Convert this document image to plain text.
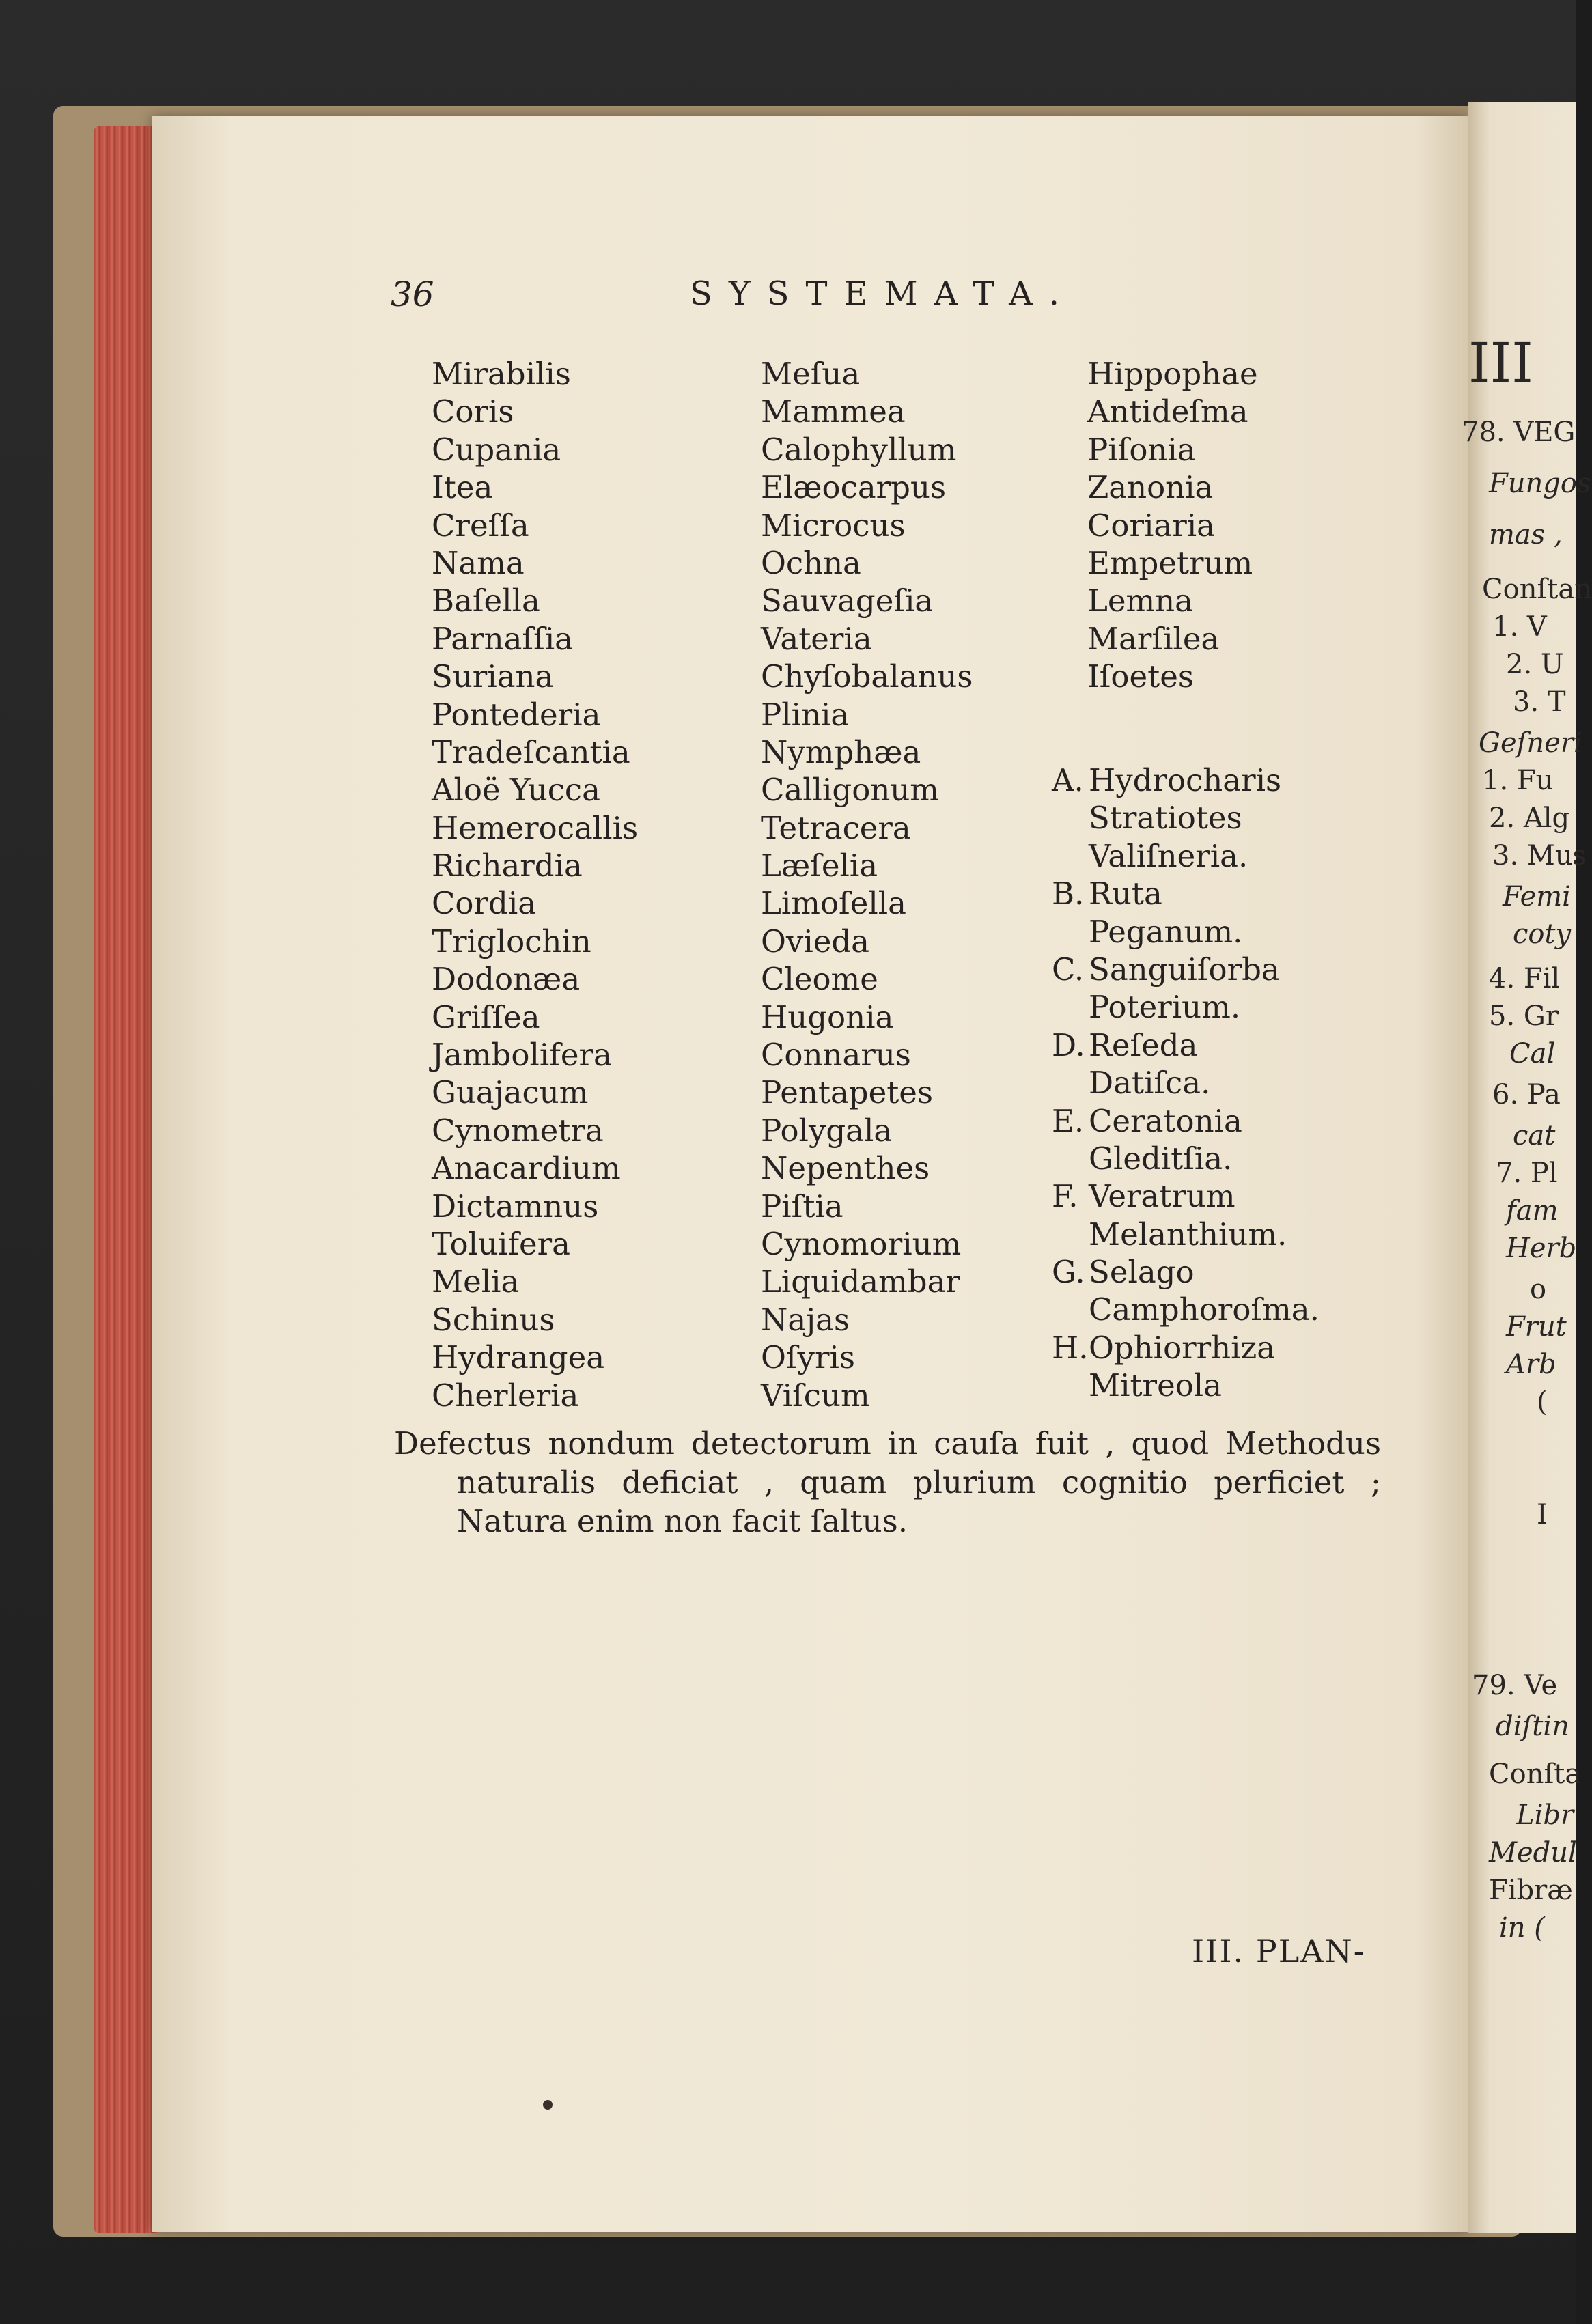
36	SYSTEMATA.
Mirabilis
Coris
Cupania
Itea
Creſſa
Nama
Baſella
Parnaſſia
Suriana
Pontederia
Tradeſcantia
Aloë Yucca
Hemerocallis
Richardia
Cordia
Triglochin
Dodonæa
Griſſea
Jambolifera
Guajacum
Cynometra
Anacardium
Dictamnus
Toluifera
Melia
Schinus
Hydrangea
Cherleria
Meſua
Mammea
Calophyllum
Elæocarpus
Microcus
Ochna
Sauvageſia
Vateria
Chyſobalanus
Plinia
Nymphæa
Calligonum
Tetracera
Læſelia
Limoſella
Ovieda
Cleome
Hugonia
Connarus
Pentapetes
Polygala
Nepenthes
Piſtia
Cynomorium
Liquidambar
Najas
Oſyris
Viſcum
Hippophae
Antideſma
Piſonia
Zanonia
Coriaria
Empetrum
Lemna
Marſilea
Iſoetes
A. Hydrocharis
Stratiotes
Valiſneria.
B. Ruta
Peganum.
C. Sanguiſorba
Poterium.
D. Reſeda
Datiſca.
E. Ceratonia
Gleditſia.
F. Veratrum
Melanthium.
G. Selago
Camphoroſma.
H.Ophiorrhiza
Mitreola

Defectus nondum detectorum in cauſa fuit , quod Methodus naturalis deficiat , quam plurium cognitio perficiet ; Natura enim non facit ſaltus.

III. PLAN-
III
78. VEG
Fungos
mas ,
Conſtan
1. V
2. U
3. T
Geſneri
1. Fu
2. Alg
3. Mus
Femi
coty
4. Fil
5. Gr
Cal
6. Pa
cat
7. Pl
fam
Herb
o
Frut
Arb
(
I
79. Ve
diſtin
Conſta
Libr
Medul
Fibræ
in (
